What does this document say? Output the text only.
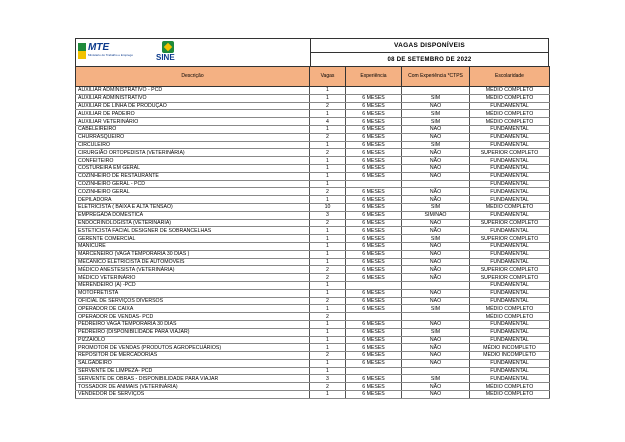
MTE
Ministério do Trabalho e Emprego	SINE
VAGAS DISPONÍVEIS
08 DE SETEMBRO DE 2022
Descrição	Vagas	Experiência	Com Experiência *CTPS	Escolaridade
AUXILIAR ADMINISTRATIVO - PCD	1			MÉDIO COMPLETO
AUXILIAR ADMINISTRATIVO	1	6 MESES	SIM	MÉDIO COMPLETO
AUXILIAR DE LINHA DE PRODUÇÃO	2	6 MESES	NÃO	FUNDAMENTAL
AUXILIAR DE PADEIRO	1	6 MESES	SIM	MÉDIO COMPLETO
AUXILIAR VETERINÁRIO	4	6 MESES	SIM	MÉDIO COMPLETO
CABELEIREIRO	1	6 MESES	NÃO	FUNDAMENTAL
CHURRASQUEIRO	2	6 MESES	NÃO	FUNDAMENTAL
CIRCULEIRO	1	6 MESES	SIM	FUNDAMENTAL
CIRURGIÃO ORTOPEDISTA (VETERINÁRIA)	2	6 MESES	NÃO	SUPERIOR COMPLETO
CONFEITEIRO	1	6 MESES	NÃO	FUNDAMENTAL
COSTUREIRA EM GERAL	1	6 MESES	NÃO	FUNDAMENTAL
COZINHEIRO DE RESTAURANTE	1	6 MESES	NÃO	FUNDAMENTAL
COZINHEIRO GERAL - PCD	1			FUNDAMENTAL
COZINHEIRO GERAL	2	6 MESES	NÃO	FUNDAMENTAL
DEPILADORA	1	6 MESES	NÃO	FUNDAMENTAL
ELETRICISTA ( BAIXA E ALTA TENSÃO)	10	6 MESES	SIM	MÉDIO COMPLETO
EMPREGADA DOMÉSTICA	3	6 MESES	SIM/NÃO	FUNDAMENTAL
ENDOCRINOLOGISTA (VETERINÁRIA)	2	6 MESES	NÃO	SUPERIOR COMPLETO
ESTETICISTA FACIAL DESIGNER DE SOBRANCELHAS	1	6 MESES	NÃO	FUNDAMENTAL
GERENTE COMERCIAL	1	6 MESES	SIM	SUPERIOR COMPLETO
MANICURE	1	6 MESES	NÃO	FUNDAMENTAL
MARCENEIRO (VAGA TEMPORÁRIA 30 DIAS )	1	6 MESES	NÃO	FUNDAMENTAL
MECÂNICO ELETRICISTA DE AUTOMÓVEIS	1	6 MESES	NÃO	FUNDAMENTAL
MÉDICO ANESTESISTA (VETERINÁRIA)	2	6 MESES	NÃO	SUPERIOR COMPLETO
MÉDICO VETERINÁRIO	2	6 MESES	NÃO	SUPERIOR COMPLETO
MERENDEIRO (A) -PCD	1			FUNDAMENTAL
MOTOFRETISTA	1	6 MESES	NÃO	FUNDAMENTAL
OFICIAL DE SERVIÇOS DIVERSOS	2	6 MESES	NÃO	FUNDAMENTAL
OPERADOR DE CAIXA	1	6 MESES	SIM	MÉDIO COMPLETO
OPERADOR DE VENDAS- PCD	2			MÉDIO COMPLETO
PEDREIRO VAGA TEMPORÁRIA 30 DIAS	1	6 MESES	NÃO	FUNDAMENTAL
PEDREIRO (DISPONIBILIDADE PARA VIAJAR)	1	6 MESES	SIM	FUNDAMENTAL
PIZZAIOLO	1	6 MESES	NÃO	FUNDAMENTAL
PROMOTOR DE VENDAS (PRODUTOS AGROPECUÁRIOS)	1	6 MESES	NÃO	MÉDIO INCOMPLETO
REPOSITOR DE MERCADORIAS	2	6 MESES	NÃO	MÉDIO INCOMPLETO
SALGADEIRO	1	6 MESES	NÃO	FUNDAMENTAL
SERVENTE DE LIMPEZA- PCD	1			FUNDAMENTAL
SERVENTE DE OBRAS - DISPONIBILIDADE PARA VIAJAR	3	6 MESES	SIM	FUNDAMENTAL
TOSSADOR DE ANIMAIS (VETERINÁRIA)	2	6 MESES	NÃO	MÉDIO COMPLETO
VENDEDOR DE SERVIÇOS	1	6 MESES	NÃO	MÉDIO COMPLETO
